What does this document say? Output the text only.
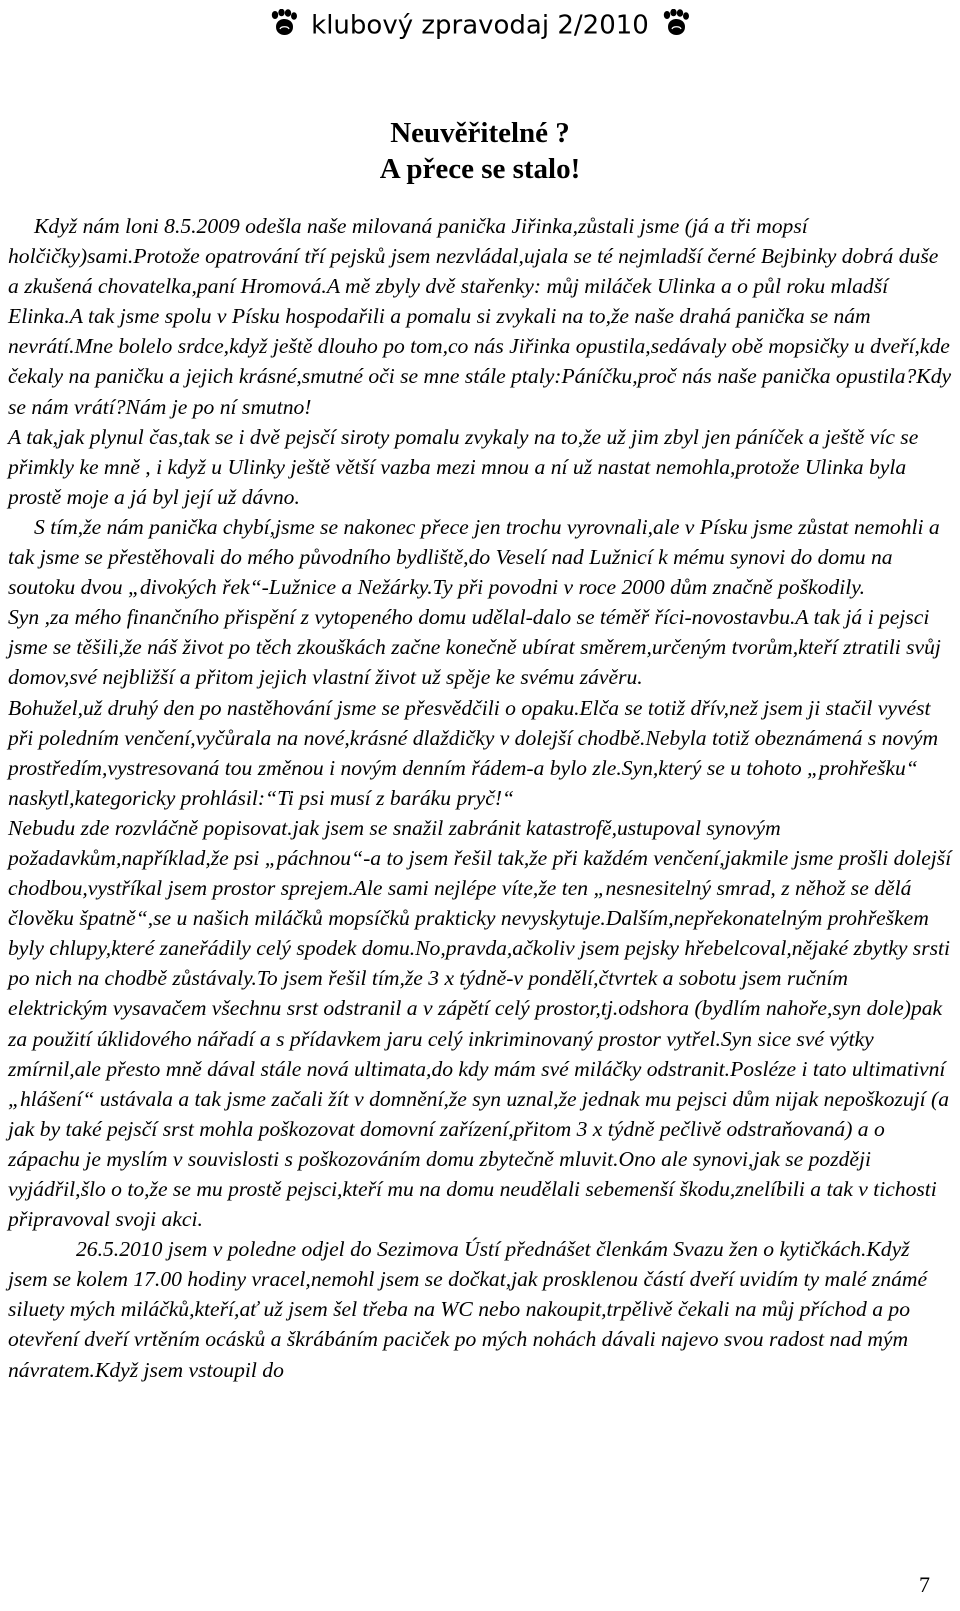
klubový zpravodaj 2/2010
Neuvěřitelné ?
A přece se stalo!

Když nám loni 8.5.2009 odešla naše milovaná panička Jiřinka,zůstali jsme (já a tři mopsí holčičky)sami.Protože opatrování tří pejsků jsem nezvládal,ujala se té nejmladší černé Bejbinky dobrá duše a zkušená chovatelka,paní Hromová.A mě zbyly dvě stařenky: můj miláček Ulinka a o půl roku mladší Elinka.A tak jsme spolu v Písku hospodařili a pomalu si zvykali na to,že naše drahá panička se nám nevrátí.Mne bolelo srdce,když ještě dlouho po tom,co nás Jiřinka opustila,sedávaly obě mopsičky u dveří,kde čekaly na paničku a jejich krásné,smutné oči se mne stále ptaly:Páníčku,proč nás naše panička opustila?Kdy se nám vrátí?Nám je po ní smutno!

A tak,jak plynul čas,tak se i dvě pejsčí siroty pomalu zvykaly na to,že už jim zbyl jen páníček a ještě víc se přimkly ke mně , i když u Ulinky ještě větší vazba mezi mnou a ní už nastat nemohla,protože Ulinka byla prostě moje a já byl její už dávno.

S tím,že nám panička chybí,jsme se nakonec přece jen trochu vyrovnali,ale v Písku jsme zůstat nemohli a tak jsme se přestěhovali do mého původního bydliště,do Veselí nad Lužnicí k mému synovi do domu na soutoku dvou „divokých řek“-Lužnice a Nežárky.Ty při povodni v roce 2000 dům značně poškodily.

Syn ,za mého finančního přispění z vytopeného domu udělal-dalo se téměř říci-novostavbu.A tak já i pejsci jsme se těšili,že náš život po těch zkouškách začne konečně ubírat směrem,určeným tvorům,kteří ztratili svůj domov,své nejbližší a přitom jejich vlastní život už spěje ke svému závěru.

Bohužel,už druhý den po nastěhování jsme se přesvědčili o opaku.Elča se totiž dřív,než jsem ji stačil vyvést při poledním venčení,vyčůrala na nové,krásné dlaždičky v dolejší chodbě.Nebyla totiž obeznámená s novým prostředím,vystresovaná tou změnou i novým denním řádem-a bylo zle.Syn,který se u tohoto „prohřešku“ naskytl,kategoricky prohlásil:“Ti psi musí z baráku pryč!“

Nebudu zde rozvláčně popisovat.jak jsem se snažil zabránit katastrofě,ustupoval synovým požadavkům,například,že psi „páchnou“-a to jsem řešil tak,že při každém venčení,jakmile jsme prošli dolejší chodbou,vystříkal jsem prostor sprejem.Ale sami nejlépe víte,že ten „nesnesitelný smrad, z něhož se dělá člověku špatně“,se u našich miláčků mopsíčků prakticky nevyskytuje.Dalším,nepřekonatelným prohřeškem byly chlupy,které zaneřádily celý spodek domu.No,pravda,ačkoliv jsem pejsky hřebelcoval,nějaké zbytky srsti po nich na chodbě zůstávaly.To jsem řešil tím,že 3 x týdně-v pondělí,čtvrtek a sobotu jsem ručním elektrickým vysavačem všechnu srst odstranil a v zápětí celý prostor,tj.odshora (bydlím nahoře,syn dole)pak za použití úklidového nářadí a s přídavkem jaru celý inkriminovaný prostor vytřel.Syn sice své výtky zmírnil,ale přesto mně dával stále nová ultimata,do kdy mám své miláčky odstranit.Posléze i tato ultimativní „hlášení“ ustávala a tak jsme začali žít v domnění,že syn uznal,že jednak mu pejsci dům nijak nepoškozují (a jak by také pejsčí srst mohla poškozovat domovní zařízení,přitom 3 x týdně pečlivě odstraňovaná) a o zápachu je myslím v souvislosti s poškozováním domu zbytečně mluvit.Ono ale synovi,jak se později vyjádřil,šlo o to,že se mu prostě pejsci,kteří mu na domu neudělali sebemenší škodu,znelíbili a tak v tichosti připravoval svoji akci.

26.5.2010 jsem v poledne odjel do Sezimova Ústí přednášet členkám Svazu žen o kytičkách.Když jsem se kolem 17.00 hodiny vracel,nemohl jsem se dočkat,jak prosklenou částí dveří uvidím ty malé známé siluety mých miláčků,kteří,ať už jsem šel třeba na WC nebo nakoupit,trpělivě čekali na můj příchod a po otevření dveří vrtěním ocásků a škrábáním paciček po mých nohách dávali najevo svou radost nad mým návratem.Když jsem vstoupil do

7
